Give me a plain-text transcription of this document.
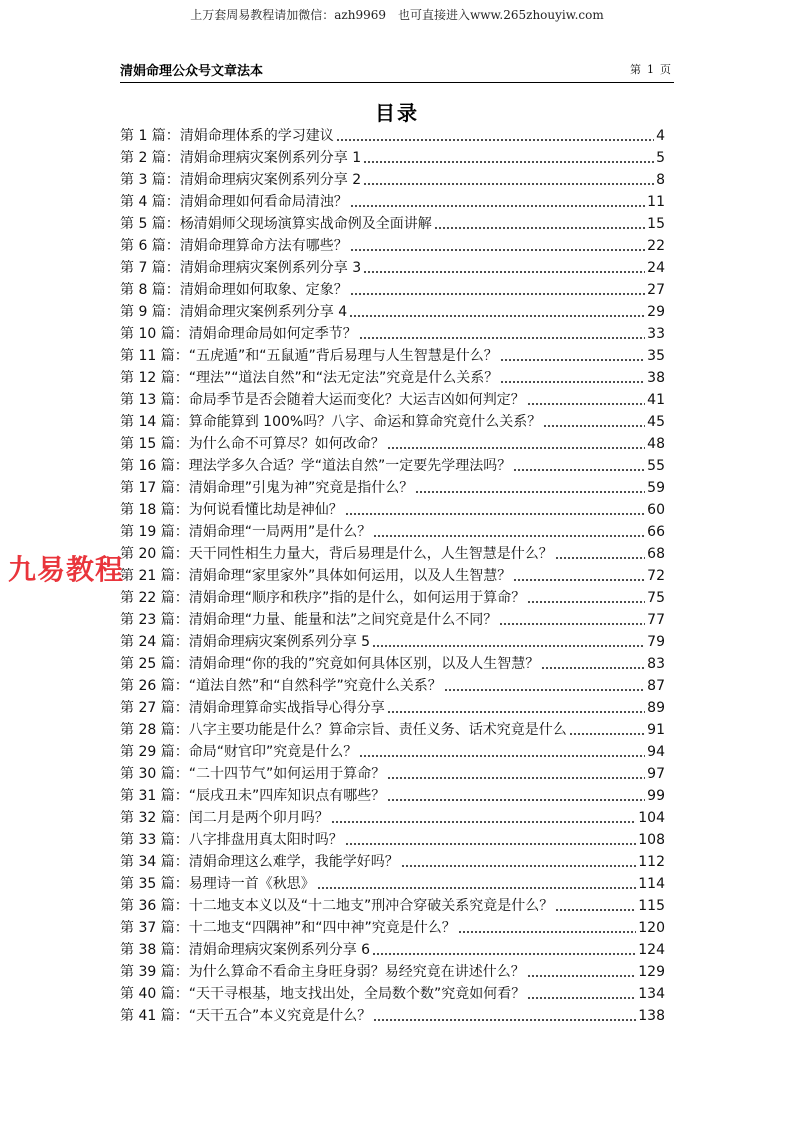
上万套周易教程请加微信：azh9969　也可直接进入www.265zhouyiw.com
清娟命理公众号文章法本	第 1 页
目录
第 1 篇： 清娟命理体系的学习建议	4
第 2 篇： 清娟命理病灾案例系列分享 1	5
第 3 篇： 清娟命理病灾案例系列分享 2	8
第 4 篇： 清娟命理如何看命局清浊？	11
第 5 篇： 杨清娟师父现场演算实战命例及全面讲解	15
第 6 篇： 清娟命理算命方法有哪些？	22
第 7 篇： 清娟命理病灾案例系列分享 3	24
第 8 篇： 清娟命理如何取象、定象？	27
第 9 篇： 清娟命理灾案例系列分享 4	29
第 10 篇： 清娟命理命局如何定季节？	33
第 11 篇： “五虎遁”和“五鼠遁”背后易理与人生智慧是什么？	35
第 12 篇： “理法”“道法自然”和“法无定法”究竟是什么关系？	38
第 13 篇： 命局季节是否会随着大运而变化？大运吉凶如何判定？	41
第 14 篇： 算命能算到 100%吗？八字、命运和算命究竟什么关系？	45
第 15 篇： 为什么命不可算尽？如何改命？	48
第 16 篇： 理法学多久合适？学“道法自然”一定要先学理法吗？	55
第 17 篇： 清娟命理”引鬼为神”究竟是指什么？	59
第 18 篇： 为何说看懂比劫是神仙？	60
第 19 篇： 清娟命理“一局两用”是什么？	66
第 20 篇： 天干同性相生力量大，背后易理是什么，人生智慧是什么？	68
第 21 篇： 清娟命理“家里家外”具体如何运用，以及人生智慧？	72
第 22 篇： 清娟命理“顺序和秩序”指的是什么，如何运用于算命？	75
第 23 篇： 清娟命理“力量、能量和法”之间究竟是什么不同？	77
第 24 篇： 清娟命理病灾案例系列分享 5	79
第 25 篇： 清娟命理“你的我的”究竟如何具体区别，以及人生智慧？	83
第 26 篇： “道法自然”和“自然科学”究竟什么关系？	87
第 27 篇： 清娟命理算命实战指导心得分享	89
第 28 篇： 八字主要功能是什么？算命宗旨、责任义务、话术究竟是什么	91
第 29 篇： 命局“财官印”究竟是什么？	94
第 30 篇： “二十四节气”如何运用于算命？	97
第 31 篇： “辰戌丑未”四库知识点有哪些？	99
第 32 篇： 闰二月是两个卯月吗？	104
第 33 篇： 八字排盘用真太阳时吗？	108
第 34 篇： 清娟命理这么难学，我能学好吗？	112
第 35 篇： 易理诗一首《秋思》	114
第 36 篇： 十二地支本义以及“十二地支”刑冲合穿破关系究竟是什么？	115
第 37 篇： 十二地支“四隅神”和“四中神”究竟是什么？	120
第 38 篇： 清娟命理病灾案例系列分享 6	124
第 39 篇： 为什么算命不看命主身旺身弱？易经究竟在讲述什么？	129
第 40 篇： “天干寻根基，地支找出处，全局数个数”究竟如何看？	134
第 41 篇： “天干五合”本义究竟是什么？	138
九易教程
